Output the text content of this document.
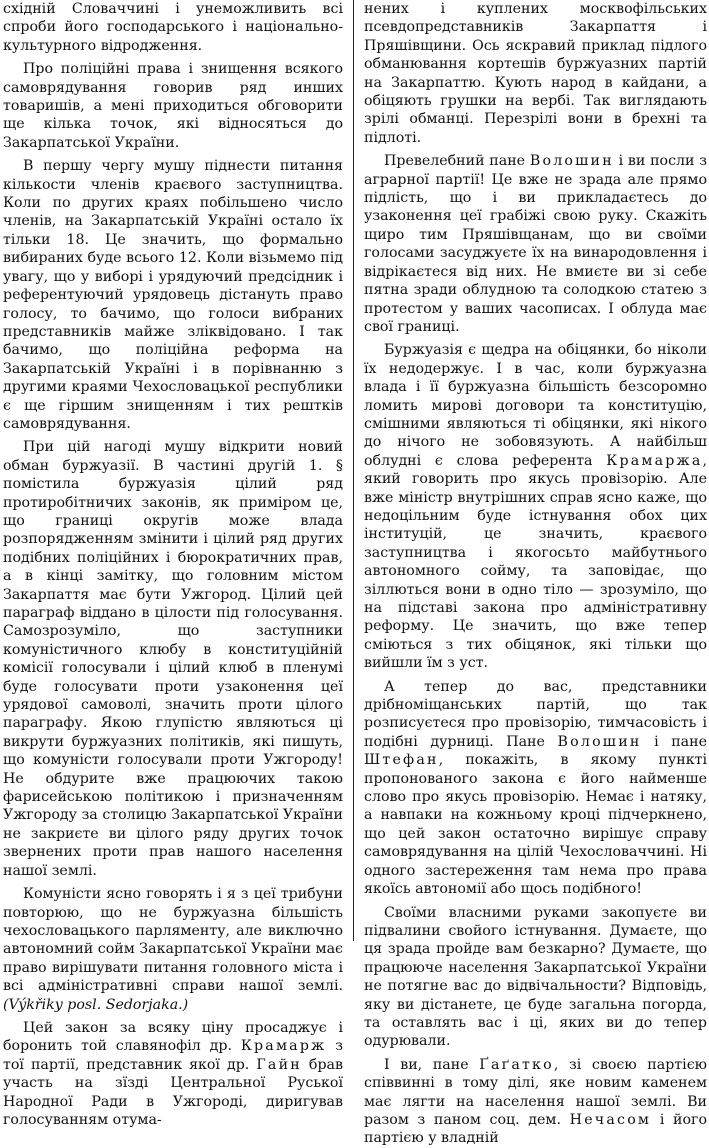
східній Словаччині і унеможливить всі спроби його господарського і національно-культурного відродження.

Про поліційні права і знищення всякого самоврядування говорив ряд инших товаришів, а мені приходиться обговорити ще кілька точок, які відносяться до Закарпатської України.

В першу чергу мушу піднести питання кількости членів краєвого заступництва. Коли по других краях побільшено число членів, на Закарпатській Україні остало їх тільки 18. Це значить, що формально вибираних буде всього 12. Коли візьмемо під увагу, що у виборі і урядуючий предсідник і референтуючий урядовець дістануть право голосу, то бачимо, що голоси вибраних представників майже зліквідовано. І так бачимо, що поліційна реформа на Закарпатській Україні і в порівнанню з другими краями Чехословацької республики є ще гіршим знищенням і тих рештків самоврядування.

При цій нагоді мушу відкрити новий обман буржуазії. В частині другій 1. § помістила буржуазія цілий ряд протиробітничих законів, як приміром це, що границі округів може влада розпорядженням змінити і цілий ряд других подібних поліційних і бюрократичних прав, а в кінці замітку, що головним містом Закарпаття має бути Ужгород. Цілий цей параграф віддано в цілости під голосування. Самозрозуміло, що заступники комуністичного клюбу в конституційній комісії голосували і цілий клюб в пленумі буде голосувати проти узаконення цеї урядової самоволі, значить проти цілого параграфу. Якою глупістю являються ці викрути буржуазних політиків, які пишуть, що комуністи голосували проти Ужгороду! Не обдурите вже працюючих такою фарисейською політикою і призначенням Ужгороду за столицю Закарпатської України не закриєте ви цілого ряду других точок звернених проти прав нашого населення нашої землі.

Комуністи ясно говорять і я з цеї трибуни повторюю, що не буржуазна більшість чехословацького парляменту, але виключно автономний сойм Закарпатської України має право вирішувати питання головного міста і всі адміністративні справи нашої землі. (Výkřiky posl. Sedorjaka.)

Цей закон за всяку ціну просаджує і боронить той славянофіл др. Крамарж з тої партії, представник якої др. Гайн брав участь на зїзді Центральної Руської Народної Ради в Ужгороді, диригував голосуванням отума-

нених і куплених москвофільських псевдопредставників Закарпаття і Пряшівщини. Ось яскравий приклад підлого обманювання кортешів буржуазних партій на Закарпаттю. Кують народ в кайдани, а обіцяють грушки на вербі. Так виглядають зрілі обманці. Перезрілі вони в брехні та підлоті.

Превелебний пане Волошин і ви посли з аграрної партії! Це вже не зрада але прямо підлість, що і ви прикладаєтесь до узаконення цеї грабіжі свою руку. Скажіть щиро тим Пряшівщанам, що ви своїми голосами засуджуєте їх на винародовлення і відрікаєтеся від них. Не вмиєте ви зі себе пятна зради облудною та солодкою статею з протестом у ваших часописах. І облуда має свої границі.

Буржуазія є щедра на обіцянки, бо ніколи їх недодержує. І в час, коли буржуазна влада і її буржуазна більшість безсоромно ломить мирові договори та конституцію, смішними являються ті обіцянки, які нікого до нічого не зобовязують. А найбільш облудні є слова референта Крамаржа, який говорить про якусь провізорію. Але вже міністр внутрішних справ ясно каже, що недоцільним буде істнування обох цих інституцій, це значить, краєвого заступництва і якогосьто майбутнього автономного сойму, та заповідає, що зіллються вони в одно тіло — зрозуміло, що на підставі закона про адміністративну реформу. Це значить, що вже тепер сміються з тих обіцянок, які тільки що вийшли їм з уст.

А тепер до вас, представники дрібноміщанських партій, що так розписуєтеся про провізорію, тимчасовість і подібні дурниці. Пане Волошин і пане Штефан, покажіть, в якому пункті пропонованого закона є його найменше слово про якусь провізорію. Немає і натяку, а навпаки на кожньому кроці підчеркнено, що цей закон остаточно вирішує справу самоврядування на цілій Чехословаччині. Ні одного застереження там нема про права якоїсь автономії або щось подібного!

Своїми власними руками закопуєте ви підвалини свойого істнування. Думаєте, що ця зрада пройде вам безкарно? Думаєте, що працююче населення Закарпатської України не потягне вас до відвічальности? Відповідь, яку ви дістанете, це буде загальна погорда, та оставлять вас і ці, яких ви до тепер одурювали.

І ви, пане Ґаґатко, зі своєю партією співвинні в тому ділі, яке новим каменем має лягти на населення нашої землі. Ви разом з паном соц. дем. Нечасом і його партією у владній
